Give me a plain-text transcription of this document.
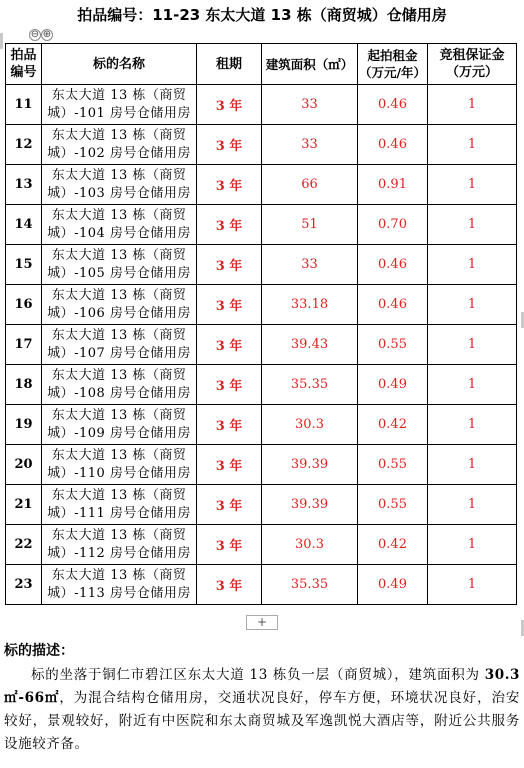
拍品编号：11-23 东太大道 13 栋（商贸城）仓储用房
⊖ ⊕
拍品编号	标的名称	租期	建筑面积（㎡）	起拍租金（万元/年）	竞租保证金（万元）
11	东太大道 13 栋（商贸城）-101 房号仓储用房	3 年	33	0.46	1
12	东太大道 13 栋（商贸城）-102 房号仓储用房	3 年	33	0.46	1
13	东太大道 13 栋（商贸城）-103 房号仓储用房	3 年	66	0.91	1
14	东太大道 13 栋（商贸城）-104 房号仓储用房	3 年	51	0.70	1
15	东太大道 13 栋（商贸城）-105 房号仓储用房	3 年	33	0.46	1
16	东太大道 13 栋（商贸城）-106 房号仓储用房	3 年	33.18	0.46	1
17	东太大道 13 栋（商贸城）-107 房号仓储用房	3 年	39.43	0.55	1
18	东太大道 13 栋（商贸城）-108 房号仓储用房	3 年	35.35	0.49	1
19	东太大道 13 栋（商贸城）-109 房号仓储用房	3 年	30.3	0.42	1
20	东太大道 13 栋（商贸城）-110 房号仓储用房	3 年	39.39	0.55	1
21	东太大道 13 栋（商贸城）-111 房号仓储用房	3 年	39.39	0.55	1
22	东太大道 13 栋（商贸城）-112 房号仓储用房	3 年	30.3	0.42	1
23	东太大道 13 栋（商贸城）-113 房号仓储用房	3 年	35.35	0.49	1
+
标的描述：
标的坐落于铜仁市碧江区东太大道 13 栋负一层（商贸城），建筑面积为 30.3㎡-66㎡，为混合结构仓储用房，交通状况良好，停车方便，环境状况良好，治安较好，景观较好，附近有中医院和东太商贸城及军逸凯悦大酒店等，附近公共服务设施较齐备。
